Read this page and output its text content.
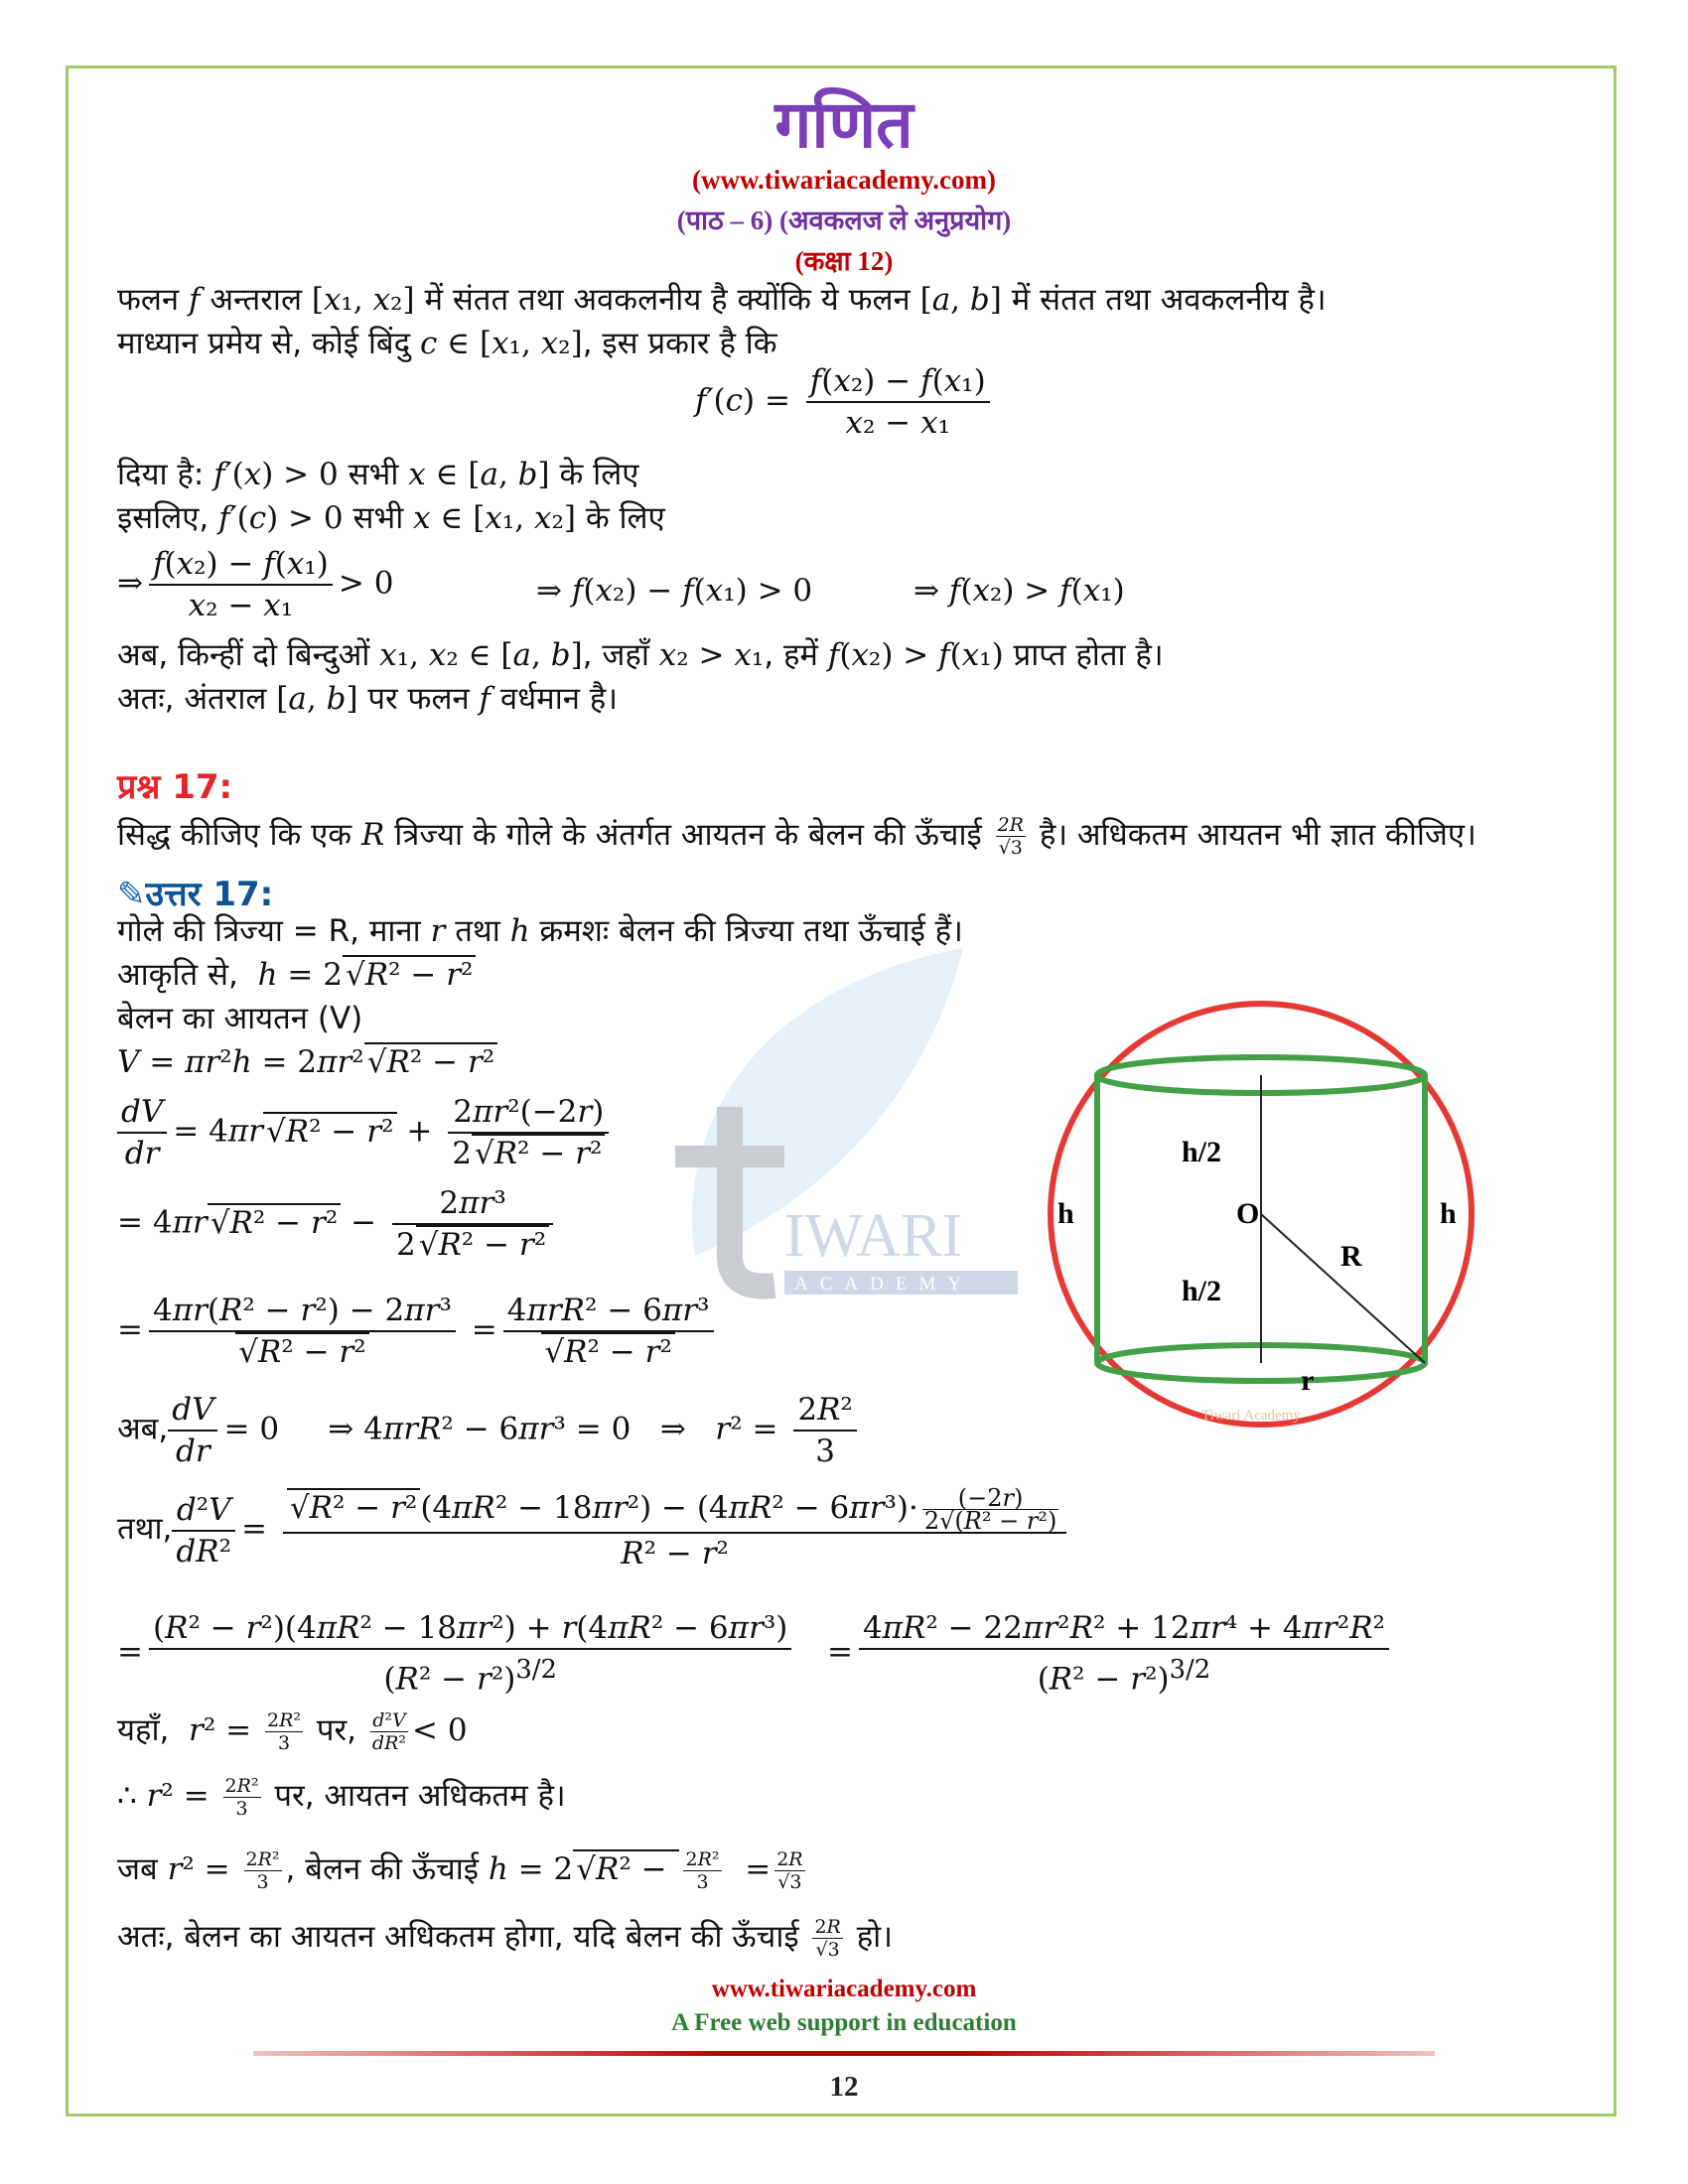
IWARI
ACADEMY
गणित
(www.tiwariacademy.com)
(पाठ – 6) (अवकलज ले अनुप्रयोग)
(कक्षा 12)
फलन f अन्तराल [x₁, x₂] में संतत तथा अवकलनीय है क्योंकि ये फलन [a, b] में संतत तथा अवकलनीय है।
माध्यान प्रमेय से, कोई बिंदु c ∈ [x₁, x₂], इस प्रकार है कि
$f'(c) = \frac{\text{f(x₂) − f(x₁)}}{\text{x₂ − x₁}}$
दिया है: f′(x) > 0 सभी x ∈ [a, b] के लिए
इसलिए, f′(c) > 0 सभी x ∈ [x₁, x₂] के लिए
⇒ $\frac{\text{f(x₂) − f(x₁)}}{\text{x₂ − x₁}} > 0$	⇒ f(x₂) − f(x₁) > 0	⇒ f(x₂) > f(x₁)
अब, किन्हीं दो बिन्दुओं x₁, x₂ ∈ [a, b], जहाँ x₂ > x₁, हमें f(x₂) > f(x₁) प्राप्त होता है।
अतः, अंतराल [a, b] पर फलन f वर्धमान है।
प्रश्न 17:
सिद्ध कीजिए कि एक R त्रिज्या के गोले के अंतर्गत आयतन के बेलन की ऊँचाई $\frac{2R}{√3}$ है। अधिकतम आयतन भी ज्ञात कीजिए।
✎उत्तर 17:
गोले की त्रिज्या = R, माना r तथा h क्रमशः बेलन की त्रिज्या तथा ऊँचाई हैं।
आकृति से, h = 2√R² − r²
बेलन का आयतन (V)
V = πr²h = 2πr²√R² − r²
$\frac{dV}{dr} = 4\pi r√R^2 - r^2 + \frac{\text{2πr²(−2r)}}{\text{2√R² − r²}}$
= $4\pi r√R^2 - r^2 - \frac{\text{2πr³}}{\text{2√R² − r²}}$
= $\frac{\text{4πr(R² − r²) − 2πr³}}{\text{√R² − r²}} = \frac{\text{4πrR² − 6πr³}}{\text{√R² − r²}}$
अब, $\frac{dV}{dr} = 0$     ⇒ 4πrR² − 6πr³ = 0   ⇒   $r^2 = \frac{\text{2R²}}{3}$
तथा, $\frac{\text{d²V}}{\text{dR²}} = \frac{√R^2 - r^2(4\pi R^2 - 18\pi r^2) - (4\pi R^2 - 6\pi r^3)\cdot \frac{(-2r)}{\text{2√(R² − r²)}}}{\text{R² − r²}}$
= $\frac{\text{(R² − r²)(4πR² − 18πr²) + r(4πR² − 6πr³)}}{(R^2 - r^2)^{3/2}} = \frac{\text{4πR² − 22πr²R² + 12πr⁴ + 4πr²R²}}{(R^2 - r^2)^{3/2}}$
यहाँ, $r^2 = \frac{\text{2R²}}{3}$ पर, $\frac{\text{d²V}}{\text{dR²}} < 0$
∴ $r^2 = \frac{\text{2R²}}{3}$ पर, आयतन अधिकतम है।
जब $r^2 = \frac{\text{2R²}}{3}$ , बेलन की ऊँचाई $h = 2√R^2 - \frac{\text{2R²}}{3} = \frac{2R}{√3}$
अतः, बेलन का आयतन अधिकतम होगा, यदि बेलन की ऊँचाई $\frac{2R}{√3}$ हो।
h/2
h/2
O
h	h
R
r
Tiwari Academy
www.tiwariacademy.com
A Free web support in education
12
